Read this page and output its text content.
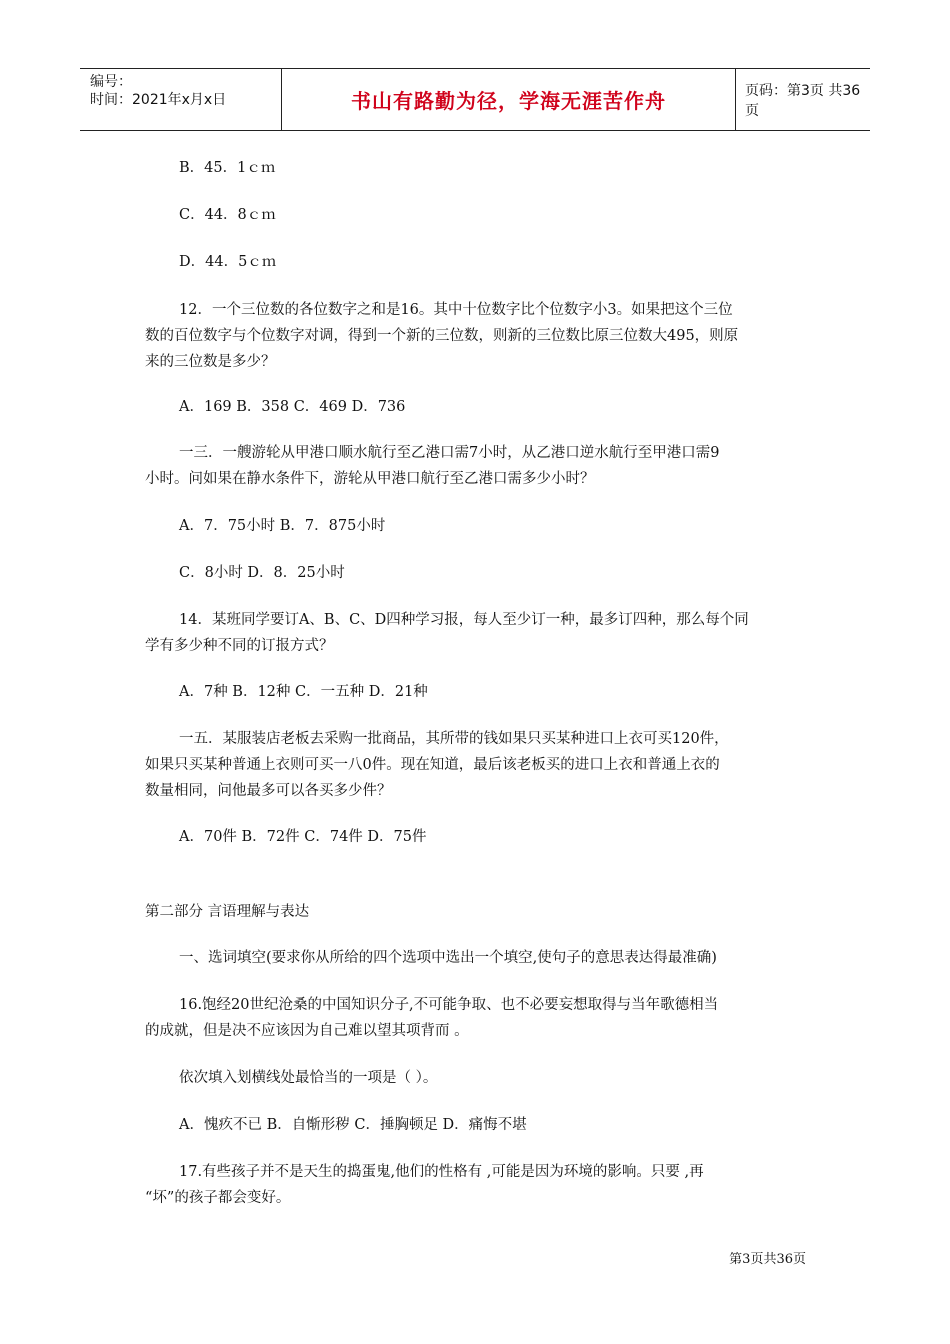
编号：
时间：2021年x月x日	书山有路勤为径，学海无涯苦作舟	页码：第3页 共36页
B．45．1ｃｍ
C．44．8ｃｍ
D．44．5ｃｍ
12．一个三位数的各位数字之和是16。其中十位数字比个位数字小3。如果把这个三位
数的百位数字与个位数字对调，得到一个新的三位数，则新的三位数比原三位数大495，则原
来的三位数是多少？
A．169 B．358 C．469 D．736
一三．一艘游轮从甲港口顺水航行至乙港口需7小时，从乙港口逆水航行至甲港口需9
小时。问如果在静水条件下，游轮从甲港口航行至乙港口需多少小时？
A．7．75小时 B．7．875小时
C．8小时 D．8．25小时
14．某班同学要订A、B、C、D四种学习报，每人至少订一种，最多订四种，那么每个同
学有多少种不同的订报方式？
A．7种 B．12种 C．一五种 D．21种
一五．某服装店老板去采购一批商品，其所带的钱如果只买某种进口上衣可买120件，
如果只买某种普通上衣则可买一八0件。现在知道，最后该老板买的进口上衣和普通上衣的
数量相同，问他最多可以各买多少件？
A．70件 B．72件 C．74件 D．75件
第二部分 言语理解与表达
一、选词填空(要求你从所给的四个选项中选出一个填空,使句子的意思表达得最准确)
16.饱经20世纪沧桑的中国知识分子,不可能争取、也不必要妄想取得与当年歌德相当
的成就，但是决不应该因为自己难以望其项背而 。
依次填入划横线处最恰当的一项是（ ）。
A．愧疚不已 B．自惭形秽 C．捶胸顿足 D．痛悔不堪
17.有些孩子并不是天生的捣蛋鬼,他们的性格有 ,可能是因为环境的影响。只要 ,再
“坏”的孩子都会变好。
第3页共36页
